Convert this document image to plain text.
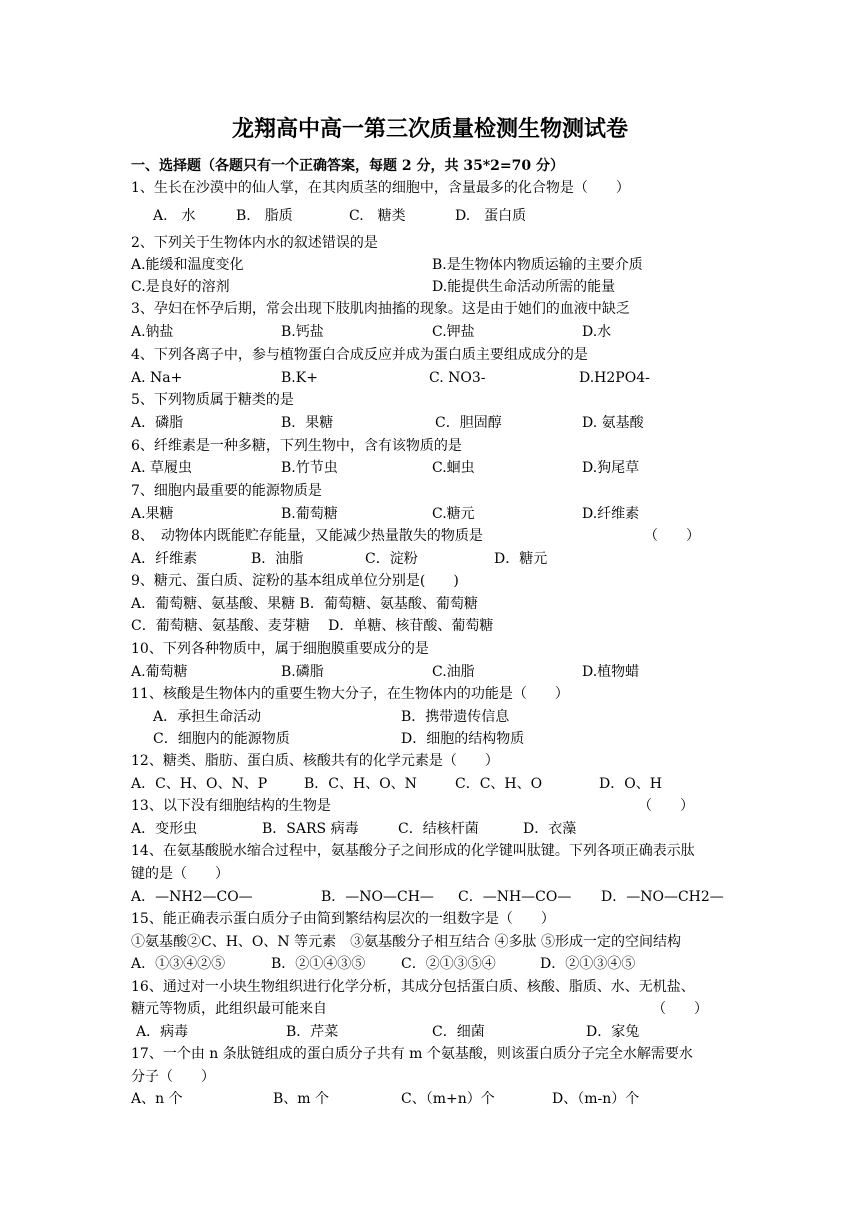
龙翔高中高一第三次质量检测生物测试卷
一、选择题（各题只有一个正确答案，每题 2 分，共 35*2=70 分）
1、生长在沙漠中的仙人掌，在其肉质茎的细胞中，含量最多的化合物是（　　）
A.　水	B.　脂质	C.　糖类	D.　蛋白质
2、下列关于生物体内水的叙述错误的是
A.能缓和温度变化	B.是生物体内物质运输的主要介质
C.是良好的溶剂	D.能提供生命活动所需的能量
3、孕妇在怀孕后期，常会出现下肢肌肉抽搐的现象。这是由于她们的血液中缺乏
A.钠盐	B.钙盐	C.钾盐	D.水
4、下列各离子中，参与植物蛋白合成反应并成为蛋白质主要组成成分的是
A. Na+	B.K+	C. NO3-	D.H2PO4-
5、下列物质属于糖类的是
A．磷脂	B．果糖	C．胆固醇	D. 氨基酸
6、纤维素是一种多糖，下列生物中，含有该物质的是
A. 草履虫	B.竹节虫	C.蛔虫	D.狗尾草
7、细胞内最重要的能源物质是
A.果糖	B.葡萄糖	C.糖元	D.纤维素
8、　动物体内既能贮存能量，又能减少热量散失的物质是	（　　）
A．纤维素	B．油脂	C．淀粉	D．糖元
9、糖元、蛋白质、淀粉的基本组成单位分别是(　　)
A．葡萄糖、氨基酸、果糖 B．葡萄糖、氨基酸、葡萄糖
C．葡萄糖、氨基酸、麦芽糖　 D．单糖、核苷酸、葡萄糖
10、下列各种物质中，属于细胞膜重要成分的是
A.葡萄糖	B.磷脂	C.油脂	D.植物蜡
11、核酸是生物体内的重要生物大分子，在生物体内的功能是（　　）
A．承担生命活动	B．携带遗传信息
C．细胞内的能源物质	D．细胞的结构物质
12、糖类、脂肪、蛋白质、核酸共有的化学元素是（　　）
A．C、H、O、N、P	B．C、H、O、N	C．C、H、O	D．O、H
13、以下没有细胞结构的生物是	（　　）
A．变形虫	B．SARS 病毒	C．结核杆菌	D．衣藻
14、在氨基酸脱水缩合过程中，氨基酸分子之间形成的化学键叫肽键。下列各项正确表示肽
键的是（　　）
A．—NH2—CO—	B．—NO—CH— C．—NH—CO— D．—NO—CH2—
15、能正确表示蛋白质分子由简到繁结构层次的一组数字是（　　）
①氨基酸②C、H、O、N 等元素　③氨基酸分子相互结合 ④多肽 ⑤形成一定的空间结构
A．①③④②⑤	B．②①④③⑤	C．②①③⑤④	D．②①③④⑤
16、通过对一小块生物组织进行化学分析，其成分包括蛋白质、核酸、脂质、水、无机盐、
糖元等物质，此组织最可能来自	（　　）
A．病毒	B．芹菜	C．细菌	D．家兔
17、一个由 n 条肽链组成的蛋白质分子共有 m 个氨基酸，则该蛋白质分子完全水解需要水
分子（　　）
A、n 个	B、m 个	C、（m+n）个	D、（m-n）个
